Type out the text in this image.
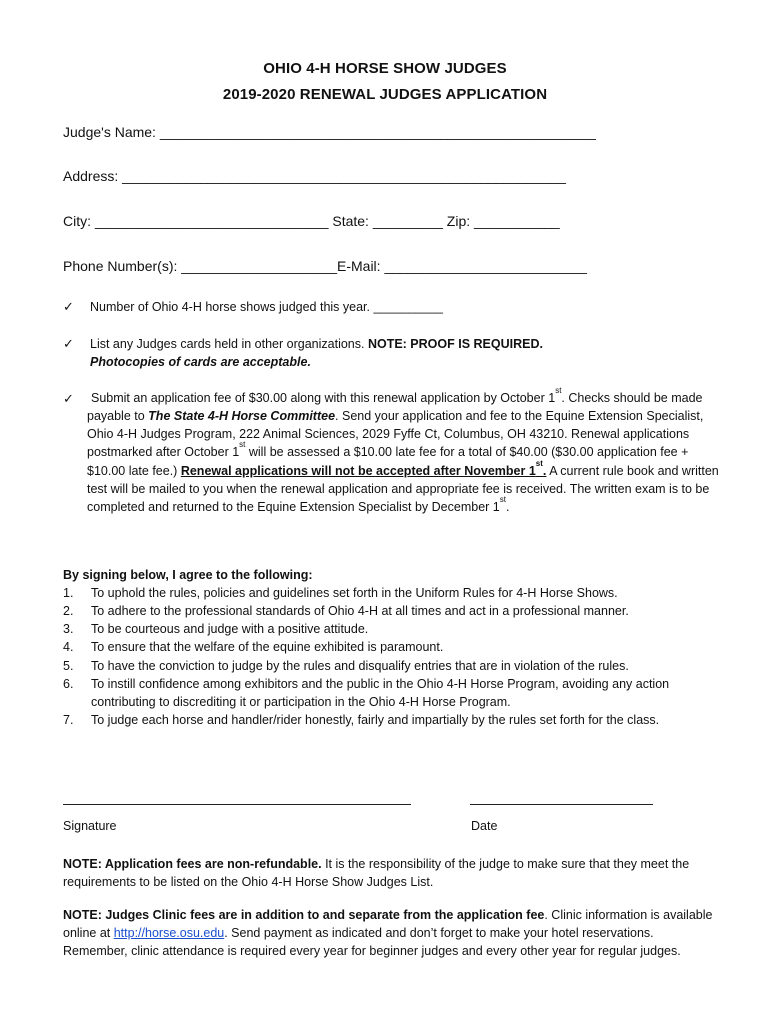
OHIO 4-H HORSE SHOW JUDGES
2019-2020 RENEWAL JUDGES APPLICATION
Judge's Name: ________________________________________________________
Address: _________________________________________________________
City: ______________________________ State: _________ Zip: ___________
Phone Number(s): ____________________E-Mail: __________________________
✓	Number of Ohio 4-H horse shows judged this year. __________
✓	List any Judges cards held in other organizations. NOTE: PROOF IS REQUIRED.
Photocopies of cards are acceptable.
✓	Submit an application fee of $30.00 along with this renewal application by October 1st. Checks should be made payable to The State 4-H Horse Committee. Send your application and fee to the Equine Extension Specialist, Ohio 4-H Judges Program, 222 Animal Sciences, 2029 Fyffe Ct, Columbus, OH 43210. Renewal applications postmarked after October 1st will be assessed a $10.00 late fee for a total of $40.00 ($30.00 application fee + $10.00 late fee.) Renewal applications will not be accepted after November 1st. A current rule book and written test will be mailed to you when the renewal application and appropriate fee is received. The written exam is to be completed and returned to the Equine Extension Specialist by December 1st.
By signing below, I agree to the following:
1. To uphold the rules, policies and guidelines set forth in the Uniform Rules for 4-H Horse Shows.
2. To adhere to the professional standards of Ohio 4-H at all times and act in a professional manner.
3. To be courteous and judge with a positive attitude.
4. To ensure that the welfare of the equine exhibited is paramount.
5. To have the conviction to judge by the rules and disqualify entries that are in violation of the rules.
6. To instill confidence among exhibitors and the public in the Ohio 4-H Horse Program, avoiding any action contributing to discrediting it or participation in the Ohio 4-H Horse Program.
7. To judge each horse and handler/rider honestly, fairly and impartially by the rules set forth for the class.
Signature	Date
NOTE: Application fees are non-refundable. It is the responsibility of the judge to make sure that they meet the requirements to be listed on the Ohio 4-H Horse Show Judges List.
NOTE: Judges Clinic fees are in addition to and separate from the application fee. Clinic information is available online at http://horse.osu.edu. Send payment as indicated and don’t forget to make your hotel reservations. Remember, clinic attendance is required every year for beginner judges and every other year for regular judges.
